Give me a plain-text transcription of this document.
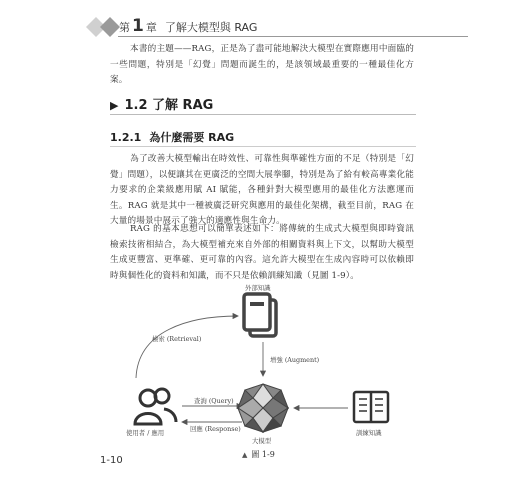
第 1 章 了解大模型與 RAG

本書的主題——RAG，正是為了盡可能地解決大模型在實際應用中面臨的一些問題，特別是「幻覺」問題而誕生的，是該領域最重要的一種最佳化方案。

▶ 1.2 了解 RAG
1.2.1 為什麼需要 RAG

為了改善大模型輸出在時效性、可靠性與準確性方面的不足（特別是「幻覺」問題），以便讓其在更廣泛的空間大展拳腳，特別是為了給有較高專業化能力要求的企業級應用賦 AI 賦能，各種針對大模型應用的最佳化方法應運而生。RAG 就是其中一種被廣泛研究與應用的最佳化架構，截至目前，RAG 在大量的場景中展示了強大的適應性與生命力。

RAG 的基本思想可以簡單表述如下：將傳統的生成式大模型與即時資訊檢索技術相結合，為大模型補充來自外部的相關資料與上下文，以幫助大模型生成更豐富、更準確、更可靠的內容。這允許大模型在生成內容時可以依賴即時與個性化的資料和知識，而不只是依賴訓練知識（見圖 1-9）。

外部知識
檢索 (Retrieval)
增強 (Augment)
查詢 (Query)
回應 (Response)
使用者 / 應用
大模型
訓練知識
▲ 圖 1-9
1-10
